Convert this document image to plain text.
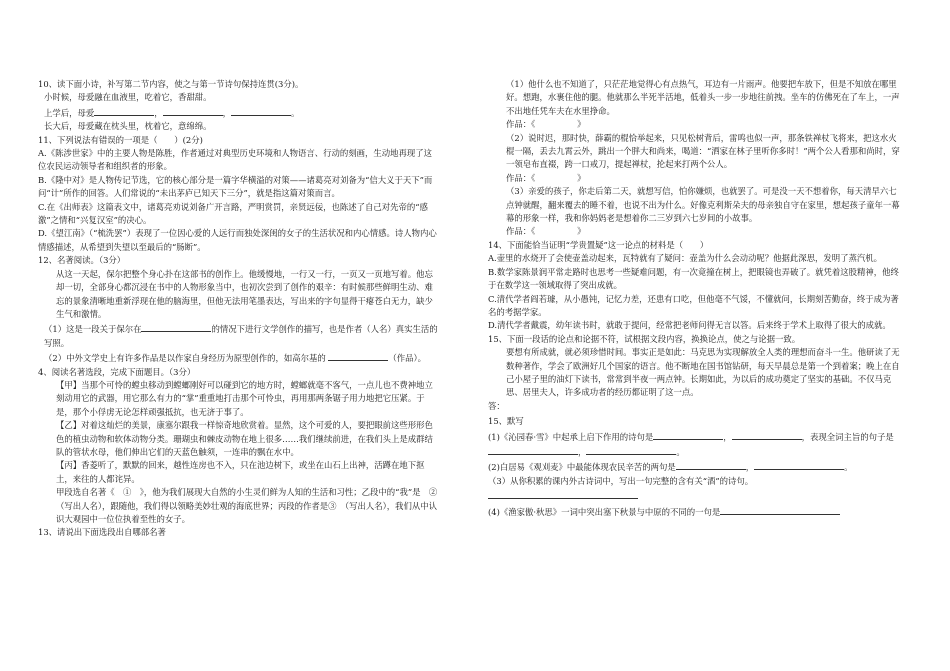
10、读下面小诗，补写第二节内容，使之与第一节诗句保持连贯(3分)。

小时候，母爱融在血液里，吃着它，香甜甜。

上学后，母爱	，	，	。

长大后，母爱藏在枕头里，枕着它，意绵绵。

11、下列说法有错误的一项是（　　）(2分)

A.《陈涉世家》中的主要人物是陈胜，作者通过对典型历史环境和人物语言、行动的刻画，生动地再现了这位农民运动领导者和组织者的形象。

B.《隆中对》是人物传记节选，它的核心部分是一篇字华横溢的对策——诸葛亮对刘备为“信大义于天下”而问“计”所作的回答。人们常说的“未出茅庐已知天下三分”，就是指这篇对策而言。

C.在《出师表》这篇表文中，诸葛亮劝说刘备广开言路，严明赏罚，亲贤远佞，也陈述了自己对先帝的“感激”之情和“兴复汉室”的决心。

D.《望江南》（“梳洗罢”）表现了一位因心爱的人远行而独处深闺的女子的生活状况和内心情感。诗人物内心情感描述，从希望到失望以至最后的“肠断”。

12、名著阅读。（3分）

从这一天起，保尔把整个身心扑在这部书的创作上。他缓慢地，一行又一行，一页又一页地写着。他忘却一切，全部身心都沉浸在书中的人物形象当中，也初次尝到了创作的艰辛：有时候那些鲜明生动、难忘的景象清晰地重新浮现在他的脑海里，但他无法用笔墨表达，写出来的字句显得干瘪苍白无力，缺少生气和激情。

（1）这是一段关于保尔在	的情况下进行文学创作的描写，也是作者（人名）真实生活的写照。

（2）中外文学史上有许多作品是以作家自身经历为原型创作的，如高尔基的	（作品）。

4、阅读名著选段，完成下面题目。（3分）

【甲】当那个可怜的螳虫移动到螳螂刚好可以碰到它的地方时，螳螂就毫不客气，一点儿也不费神地立刻动用它的武器，用它那么有力的“掌”重重地打击那个可怜虫，再用那两条锯子用力地把它压紧。于是，那个小俘虏无论怎样顽强抵抗，也无济于事了。

【乙】对着这灿烂的美景，康塞尔跟我一样惊奇地欣赏着。显然，这个可爱的人，要把眼前这些形形色色的植虫动物和软体动物分类。珊瑚虫和棘皮动物在地上很多……我们继续前进，在我们头上是成群结队的管状水母，他们伸出它们的天蓝色触须，一连串的飘在水中。

【丙】香菱听了，默默的回来，越性连房也不入，只在池边树下，或坐在山石上出神，活蹲在地下抠土，来往的人都诧异。

甲段选自名著《　①　》，他为我们展现大自然的小生灵们鲜为人知的生活和习性；乙段中的“我”是　②　（写出人名），跟随他，我们得以领略美妙壮观的海底世界；丙段的作者是③　（写出人名），我们从中认识大观园中一位位执着至性的女子。

13、请说出下面选段出自哪部名著

（1）他什么也不知道了，只茫茫地觉得心有点热气，耳边有一片雨声。他要把车放下，但是不知放在哪里好。想跑，水裹住他的腿。他就那么半死半活地，低着头一步一步地往前拽。坐车的仿佛死在了车上，一声不出地任凭车夫在水里挣命。

作品：《　　　　　》

（2）说时迟，那时快，薛霸的棍恰举起来，只见松树背后，雷鸣也似一声，那条铁禅杖飞将来，把这水火棍一隔，丢去九霄云外，跳出一个胖大和尚来，喝道：“洒家在林子里听你多时！”两个公人看那和尚时，穿一领皂布直裰，跨一口戒刀，提起禅杖，抡起来打两个公人。

作品：《　　　　　》

（3）亲爱的孩子，你走后第二天，就想写信，怕你嫌烦，也就罢了。可是没一天不想着你，每天清早六七点钟就醒，翻来覆去的睡不着，也说不出为什么。好像克利斯朵夫的母亲独自守在家里，想起孩子童年一幕幕的形象一样，我和你妈妈老是想着你二三岁到六七岁间的小故事。

作品：《　　　　　》

14、下面能恰当证明“学贵置疑”这一论点的材料是（　　）

A.壶里的水烧开了会使壶盖动起来，瓦特就有了疑问：壶盖为什么会动动呢？他据此深思，发明了蒸汽机。

B.数学家陈景润平常走路时也思考一些疑难问题，有一次竟撞在树上，把眼镜也弄破了。就凭着这股精神，他终于在数学这一领域取得了突出成就。

C.清代学者阎若璩，从小愚钝，记忆力差，还患有口吃，但他毫不气馁，不懂就问，长期刻苦勤奋，终于成为著名的考据学家。

D.清代学者戴震，幼年读书时，就敢于提问，经常把老师问得无言以答。后来终于学术上取得了很大的成就。

15、下面一段话的论点和论据不符，试根据文段内容，换换论点，使之与论据一致。

要想有所成就，就必须珍惜时间。事实正是如此：马克思为实现解放全人类的理想而奋斗一生。他研读了无数种著作，学会了欧洲好几个国家的语言。他不断地在国书馆钻研，每天早晨总是第一个到着案；晚上在自己小屋子里的油灯下读书，常常到半夜一两点钟。长期如此，为以后的成功奠定了坚实的基础。不仅马克思、居里夫人，许多成功者的经历都证明了这一点。

答：

15、默写

(1)《沁园春·雪》中起承上启下作用的诗句是	，	，表现全词主旨的句子是，	。

(2)白居易《观刈麦》中最能体现农民辛苦的两句是	，	。

（3）从你积累的课内外古诗词中，写出一句完整的含有关“酒”的诗句。

(4)《渔家傲·秋思》一词中突出塞下秋景与中原的不同的一句是
